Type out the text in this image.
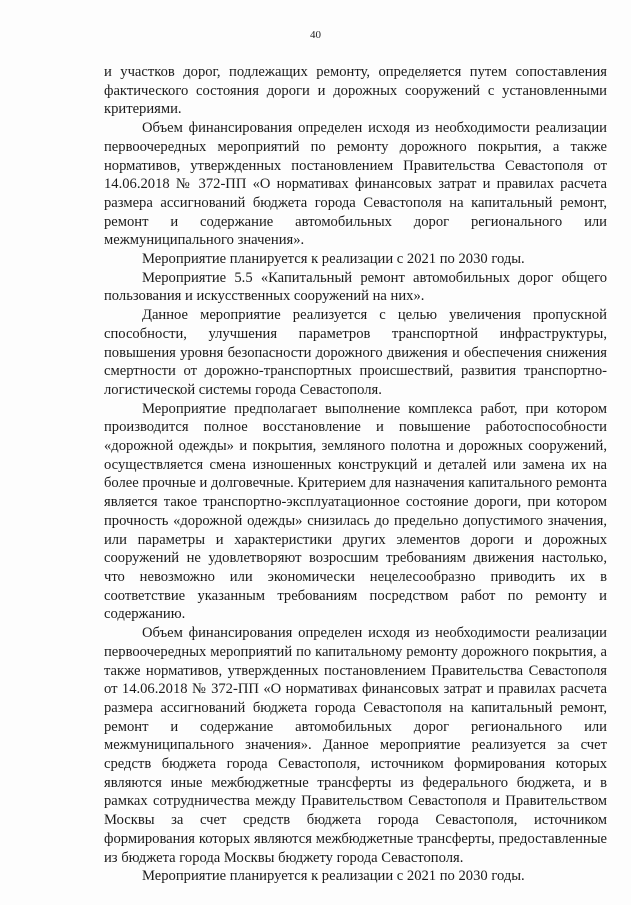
40

и участков дорог, подлежащих ремонту, определяется путем сопоставления фактического состояния дороги и дорожных сооружений с установленными критериями.

Объем финансирования определен исходя из необходимости реализации первоочередных мероприятий по ремонту дорожного покрытия, а также нормативов, утвержденных постановлением Правительства Севастополя от 14.06.2018 № 372-ПП «О нормативах финансовых затрат и правилах расчета размера ассигнований бюджета города Севастополя на капитальный ремонт, ремонт и содержание автомобильных дорог регионального или межмуниципального значения».

Мероприятие планируется к реализации с 2021 по 2030 годы.

Мероприятие 5.5 «Капитальный ремонт автомобильных дорог общего пользования и искусственных сооружений на них».

Данное мероприятие реализуется с целью увеличения пропускной способности, улучшения параметров транспортной инфраструктуры, повышения уровня безопасности дорожного движения и обеспечения снижения смертности от дорожно-транспортных происшествий, развития транспортно-логистической системы города Севастополя.

Мероприятие предполагает выполнение комплекса работ, при котором производится полное восстановление и повышение работоспособности «дорожной одежды» и покрытия, земляного полотна и дорожных сооружений, осуществляется смена изношенных конструкций и деталей или замена их на более прочные и долговечные. Критерием для назначения капитального ремонта является такое транспортно-эксплуатационное состояние дороги, при котором прочность «дорожной одежды» снизилась до предельно допустимого значения, или параметры и характеристики других элементов дороги и дорожных сооружений не удовлетворяют возросшим требованиям движения настолько, что невозможно или экономически нецелесообразно приводить их в соответствие указанным требованиям посредством работ по ремонту и содержанию.

Объем финансирования определен исходя из необходимости реализации первоочередных мероприятий по капитальному ремонту дорожного покрытия, а также нормативов, утвержденных постановлением Правительства Севастополя от 14.06.2018 № 372-ПП «О нормативах финансовых затрат и правилах расчета размера ассигнований бюджета города Севастополя на капитальный ремонт, ремонт и содержание автомобильных дорог регионального или межмуниципального значения». Данное мероприятие реализуется за счет средств бюджета города Севастополя, источником формирования которых являются иные межбюджетные трансферты из федерального бюджета, и в рамках сотрудничества между Правительством Севастополя и Правительством Москвы за счет средств бюджета города Севастополя, источником формирования которых являются межбюджетные трансферты, предоставленные из бюджета города Москвы бюджету города Севастополя.

Мероприятие планируется к реализации с 2021 по 2030 годы.
